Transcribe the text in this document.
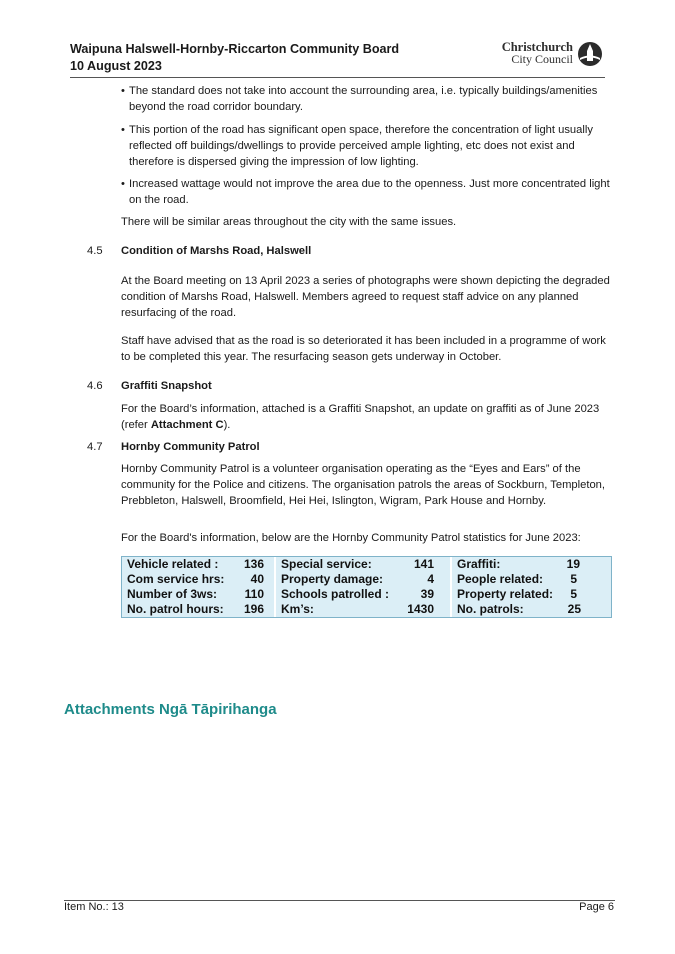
Waipuna Halswell-Hornby-Riccarton Community Board
10 August 2023
Christchurch
City Council
• The standard does not take into account the surrounding area, i.e. typically buildings/amenities beyond the road corridor boundary.
• This portion of the road has significant open space, therefore the concentration of light usually reflected off buildings/dwellings to provide perceived ample lighting, etc does not exist and therefore is dispersed giving the impression of low lighting.
• Increased wattage would not improve the area due to the openness. Just more concentrated light on the road.
There will be similar areas throughout the city with the same issues.
4.5 Condition of Marshs Road, Halswell
At the Board meeting on 13 April 2023 a series of photographs were shown depicting the degraded condition of Marshs Road, Halswell. Members agreed to request staff advice on any planned resurfacing of the road.
Staff have advised that as the road is so deteriorated it has been included in a programme of work to be completed this year. The resurfacing season gets underway in October.
4.6 Graffiti Snapshot
For the Board’s information, attached is a Graffiti Snapshot, an update on graffiti as of June 2023 (refer Attachment C).
4.7 Hornby Community Patrol
Hornby Community Patrol is a volunteer organisation operating as the “Eyes and Ears” of the community for the Police and citizens. The organisation patrols the areas of Sockburn, Templeton, Prebbleton, Halswell, Broomfield, Hei Hei, Islington, Wigram, Park House and Hornby.
For the Board's information, below are the Hornby Community Patrol statistics for June 2023:
Vehicle related : 136 Special service:	141 Graffiti:	19
Com service hrs: 40 Property damage:	4 People related: 5
Number of 3ws: 110 Schools patrolled :	39 Property related: 5
No. patrol hours: 196 Km’s:	1430 No. patrols:	25
Attachments Ngā Tāpirihanga
Item No.: 13	Page 6
